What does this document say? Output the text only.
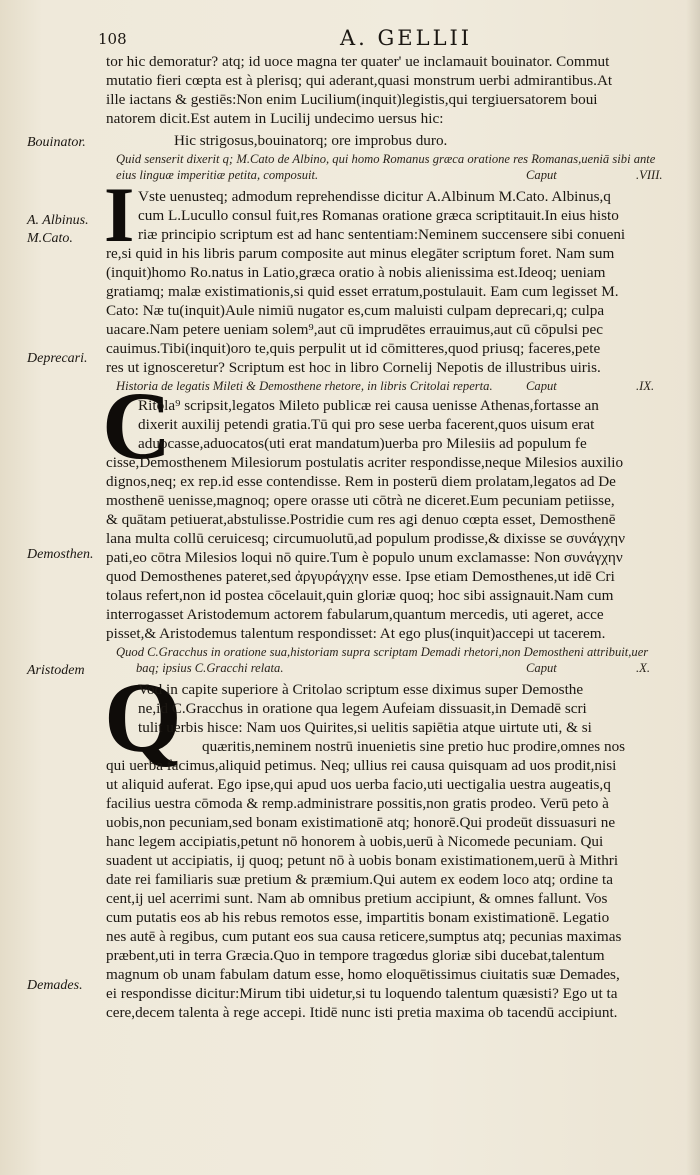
108	A. GELLII
Bouinator.
A. Albinus.
M.Cato.
Deprecari.
Demosthen.
Aristodem
Demades.
I
C
Q
tor hic demoratur? atq; id uoce magna ter quater' ue inclamauit bouinator. Commut
mutatio fieri cœpta est à plerisq; qui aderant,quasi monstrum uerbi admirantibus.At
ille iactans & gestiēs:Non enim Lucilium(inquit)legistis,qui tergiuersatorem boui
natorem dicit.Est autem in Lucilij undecimo uersus hic:
Hic strigosus,bouinatorq; ore improbus duro.
Quid senserit dixerit q; M.Cato de Albino, qui homo Romanus græca oratione res Romanas,ueniā sibi ante
eius linguæ imperitiæ petita, composuit.	Caput	.VIII.
Vste uenusteq; admodum reprehendisse dicitur A.Albinum M.Cato. Albinus,q
cum L.Lucullo consul fuit,res Romanas oratione græca scriptitauit.In eius histo
riæ principio scriptum est ad hanc sententiam:Neminem succensere sibi conueni
re,si quid in his libris parum composite aut minus elegāter scriptum foret. Nam sum
(inquit)homo Ro.natus in Latio,græca oratio à nobis alienissima est.Ideoq; ueniam
gratiamq; malæ existimationis,si quid esset erratum,postulauit. Eam cum legisset M.
Cato: Næ tu(inquit)Aule nimiū nugator es,cum maluisti culpam deprecari,q; culpa
uacare.Nam petere ueniam solem⁹,aut cū imprudētes errauimus,aut cū cōpulsi pec
cauimus.Tibi(inquit)oro te,quis perpulit ut id cōmitteres,quod priusq; faceres,pete
res ut ignosceretur? Scriptum est hoc in libro Cornelij Nepotis de illustribus uiris.
Historia de legatis Mileti & Demosthene rhetore, in libris Critolai reperta.	Caput	.IX.
Ritola⁹ scripsit,legatos Mileto publicæ rei causa uenisse Athenas,fortasse an
dixerit auxilij petendi gratia.Tū qui pro sese uerba facerent,quos uisum erat
aduocasse,aduocatos(uti erat mandatum)uerba pro Milesiis ad populum fe
cisse,Demosthenem Milesiorum postulatis acriter respondisse,neque Milesios auxilio
dignos,neq; ex rep.id esse contendisse. Rem in posterū diem prolatam,legatos ad De
mosthenē uenisse,magnoq; opere orasse uti cōtrà ne diceret.Eum pecuniam petiisse,
& quātam petiuerat,abstulisse.Postridie cum res agi denuo cœpta esset, Demosthenē
lana multa collū ceruicesq; circumuolutū,ad populum prodisse,& dixisse se συνάγχην
pati,eo cōtra Milesios loqui nō quire.Tum è populo unum exclamasse: Non συνάγχην
quod Demosthenes pateret,sed ἀργυράγχην esse. Ipse etiam Demosthenes,ut idē Cri
tolaus refert,non id postea cōcelauit,quin gloriæ quoq; hoc sibi assignauit.Nam cum
interrogasset Aristodemum actorem fabularum,quantum mercedis, uti ageret, acce
pisset,& Aristodemus talentum respondisset: At ego plus(inquit)accepi ut tacerem.
Quod C.Gracchus in oratione sua,historiam supra scriptam Demadi rhetori,non Demostheni attribuit,uer
baq; ipsius C.Gracchi relata.	Caput	.X.
Vod in capite superiore à Critolao scriptum esse diximus super Demosthe
ne,id C.Gracchus in oratione qua legem Aufeiam dissuasit,in Demadē scri
tulit uerbis hisce: Nam uos Quirites,si uelitis sapiētia atque uirtute uti, & si
quæritis,neminem nostrū inuenietis sine pretio huc prodire,omnes nos
qui uerba facimus,aliquid petimus. Neq; ullius rei causa quisquam ad uos prodit,nisi
ut aliquid auferat. Ego ipse,qui apud uos uerba facio,uti uectigalia uestra augeatis,q
facilius uestra cōmoda & remp.administrare possitis,non gratis prodeo. Verū peto à
uobis,non pecuniam,sed bonam existimationē atq; honorē.Qui prodeūt dissuasuri ne
hanc legem accipiatis,petunt nō honorem à uobis,uerū à Nicomede pecuniam. Qui
suadent ut accipiatis, ij quoq; petunt nō à uobis bonam existimationem,uerū à Mithri
date rei familiaris suæ pretium & præmium.Qui autem ex eodem loco atq; ordine ta
cent,ij uel acerrimi sunt. Nam ab omnibus pretium accipiunt, & omnes fallunt. Vos
cum putatis eos ab his rebus remotos esse, impartitis bonam existimationē. Legatio
nes autē à regibus, cum putant eos sua causa reticere,sumptus atq; pecunias maximas
præbent,uti in terra Græcia.Quo in tempore tragœdus gloriæ sibi ducebat,talentum
magnum ob unam fabulam datum esse, homo eloquētissimus ciuitatis suæ Demades,
ei respondisse dicitur:Mirum tibi uidetur,si tu loquendo talentum quæsisti? Ego ut ta
cere,decem talenta à rege accepi. Itidē nunc isti pretia maxima ob tacendū accipiunt.
